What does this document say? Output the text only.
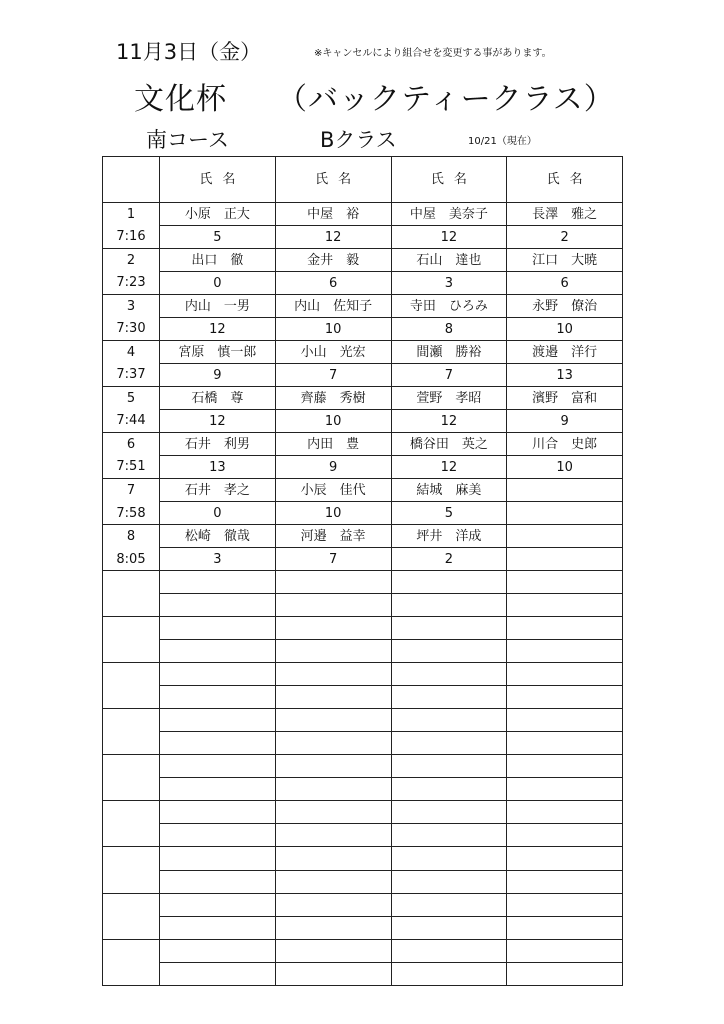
11月3日（金）	※キャンセルにより組合せを変更する事があります。
文化杯 （バックティークラス）
南コース	Bクラス	10/21（現在）
	氏名	氏名	氏名	氏名
1	小原　正大	中屋　裕	中屋　美奈子	長澤　雅之
7:16	5	12	12	2
2	出口　徹	金井　毅	石山　達也	江口　大暁
7:23	0	6	3	6
3	内山　一男	内山　佐知子	寺田　ひろみ	永野　僚治
7:30	12	10	8	10
4	宮原　慎一郎	小山　光宏	間瀬　勝裕	渡邉　洋行
7:37	9	7	7	13
5	石橋　尊	齊藤　秀樹	萱野　孝昭	濱野　富和
7:44	12	10	12	9
6	石井　利男	内田　豊	橋谷田　英之	川合　史郎
7:51	13	9	12	10
7	石井　孝之	小辰　佳代	結城　麻美	
7:58	0	10	5	
8	松崎　徹哉	河邉　益幸	坪井　洋成	
8:05	3	7	2	
